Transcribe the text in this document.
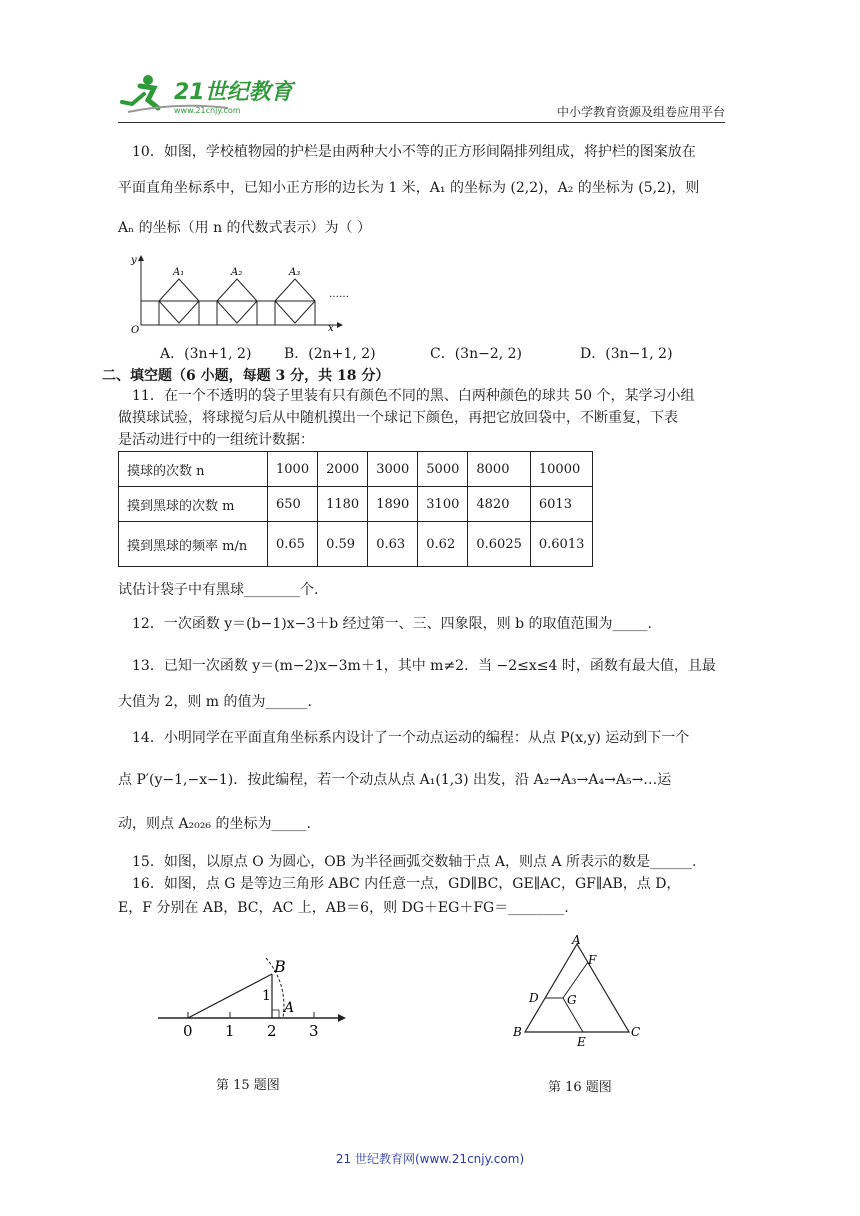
21世纪教育
www.21cnjy.com	中小学教育资源及组卷应用平台
10．如图，学校植物园的护栏是由两种大小不等的正方形间隔排列组成，将护栏的图案放在
平面直角坐标系中，已知小正方形的边长为 1 米，A₁ 的坐标为 (2,2)，A₂ 的坐标为 (5,2)，则
Aₙ 的坐标（用 n 的代数式表示）为（ ）
y
x
O
A₁	A₂	A₃
……
A．(3n+1, 2) B．(2n+1, 2)	C．(3n−2, 2)	D．(3n−1, 2)
二、填空题（6 小题，每题 3 分，共 18 分）
11．在一个不透明的袋子里装有只有颜色不同的黑、白两种颜色的球共 50 个，某学习小组
做摸球试验，将球搅匀后从中随机摸出一个球记下颜色，再把它放回袋中，不断重复，下表
是活动进行中的一组统计数据：
摸球的次数 n	1000	2000	3000	5000	8000	10000
摸到黑球的次数 m	650	1180	1890	3100	4820	6013
摸到黑球的频率 m/n	0.65	0.59	0.63	0.62	0.6025	0.6013
试估计袋子中有黑球________个.
12．一次函数 y＝(b−1)x−3＋b 经过第一、三、四象限，则 b 的取值范围为_____.
13．已知一次函数 y＝(m−2)x−3m＋1，其中 m≠2．当 −2≤x≤4 时，函数有最大值，且最
大值为 2，则 m 的值为______.
14．小明同学在平面直角坐标系内设计了一个动点运动的编程：从点 P(x,y) 运动到下一个
点 P′(y−1,−x−1)．按此编程，若一个动点从点 A₁(1,3) 出发，沿 A₂→A₃→A₄→A₅→…运
动，则点 A₂₀₂₆ 的坐标为_____.
15．如图，以原点 O 为圆心，OB 为半径画弧交数轴于点 A，则点 A 所表示的数是______.
16．如图，点 G 是等边三角形 ABC 内任意一点，GD∥BC，GE∥AC，GF∥AB，点 D，
E，F 分别在 AB，BC，AC 上，AB＝6，则 DG＋EG＋FG＝________.
B
A
1
0 1 2 3
第 15 题图
A
B	C
D
E
F
G
第 16 题图
21 世纪教育网(www.21cnjy.com)
